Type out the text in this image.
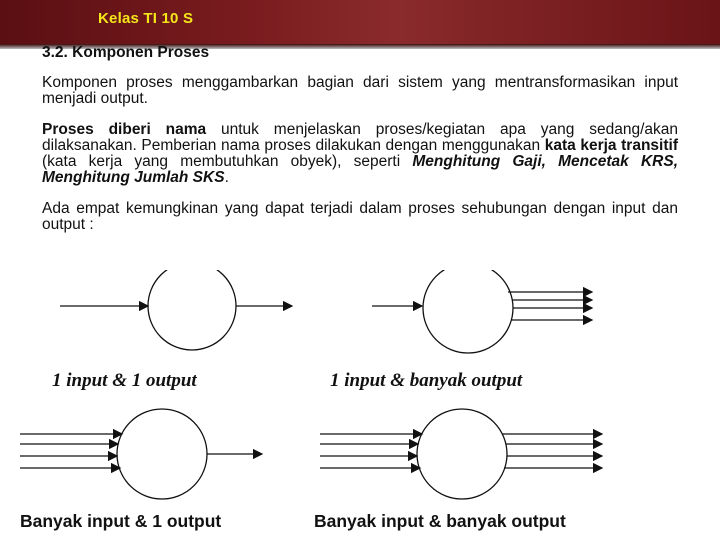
Kelas TI 10 S
3.2. Komponen Proses
Komponen proses menggambarkan bagian dari sistem yang mentransformasikan input menjadi output.
Proses diberi nama untuk menjelaskan proses/kegiatan apa yang sedang/akan dilaksanakan. Pemberian nama proses dilakukan dengan menggunakan kata kerja transitif (kata kerja yang membutuhkan obyek), seperti Menghitung Gaji, Mencetak KRS, Menghitung Jumlah SKS.
Ada empat kemungkinan yang dapat terjadi dalam proses sehubungan dengan input dan output :
1 input & 1 output	1 input & banyak output
Banyak input & 1 output	Banyak input & banyak output
